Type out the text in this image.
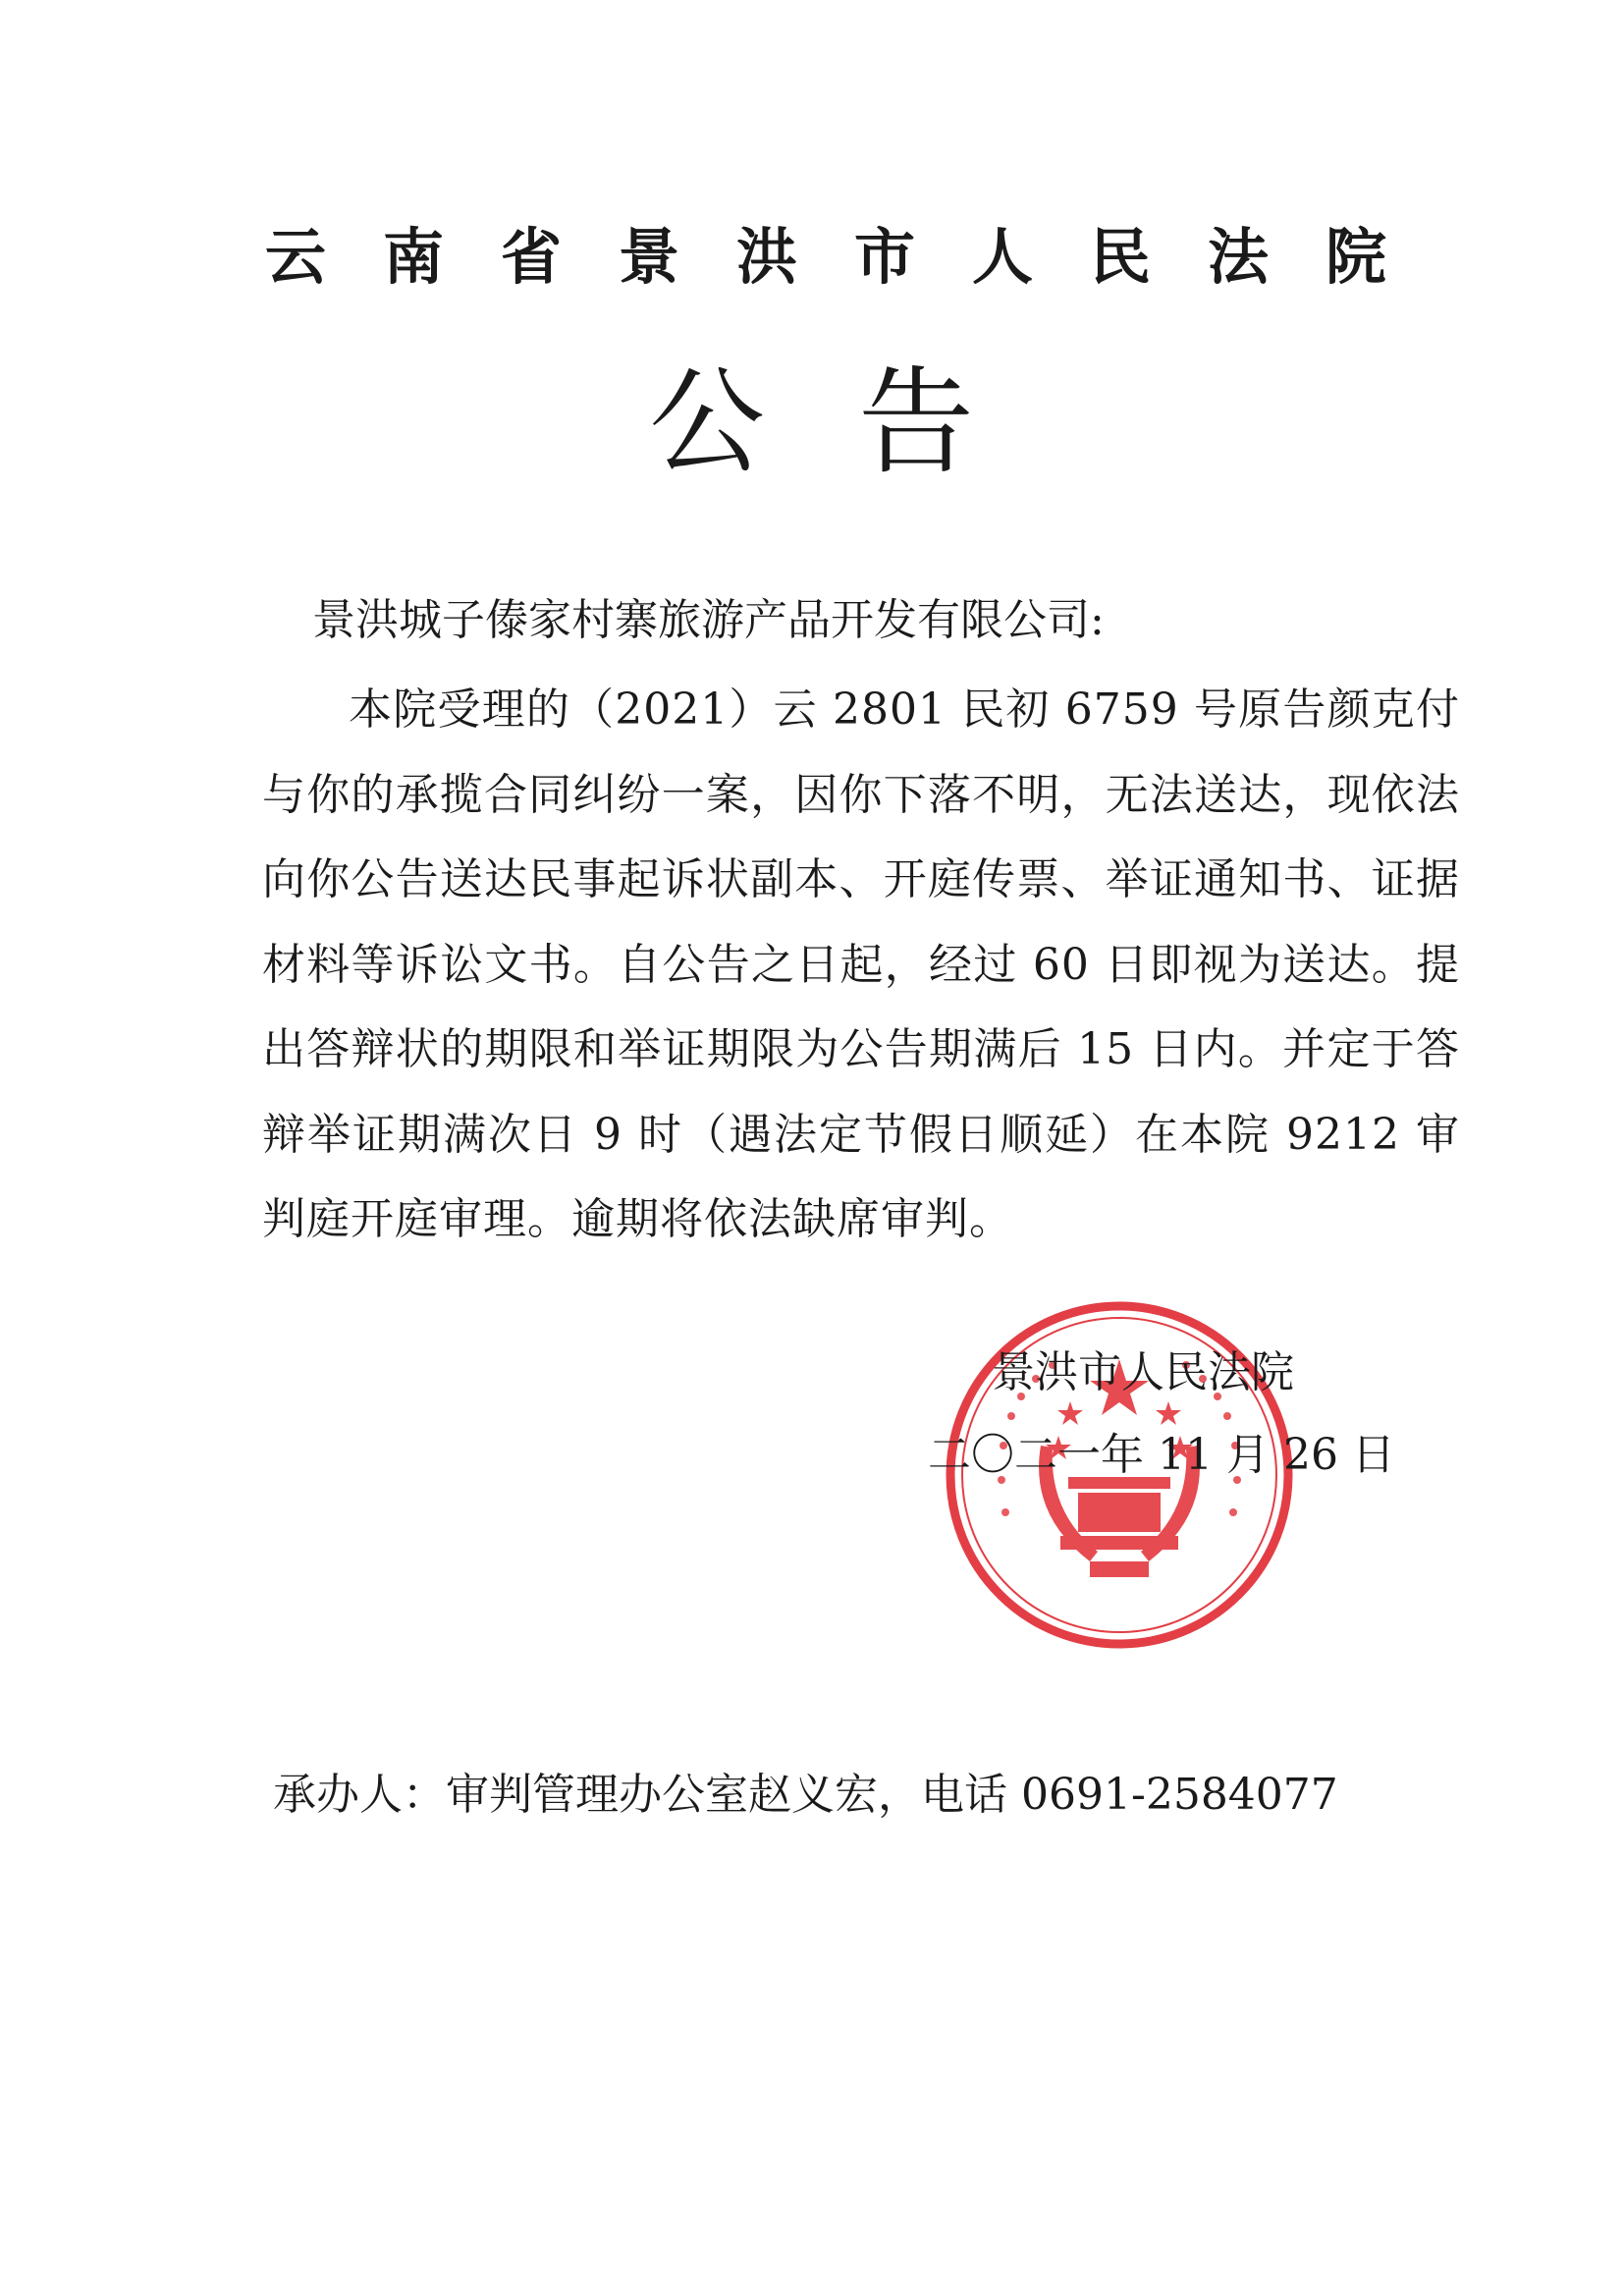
云南省景洪市人民法院
公告
景洪城子傣家村寨旅游产品开发有限公司:
本院受理的（2021）云 2801 民初 6759 号原告颜克付与你的承揽合同纠纷一案，因你下落不明，无法送达，现依法向你公告送达民事起诉状副本、开庭传票、举证通知书、证据材料等诉讼文书。自公告之日起，经过 60 日即视为送达。提出答辩状的期限和举证期限为公告期满后 15 日内。并定于答辩举证期满次日 9 时（遇法定节假日顺延）在本院 9212 审判庭开庭审理。逾期将依法缺席审判。
景洪市人民法院
二〇二一年 11 月 26 日
承办人：审判管理办公室赵义宏，电话 0691-2584077
